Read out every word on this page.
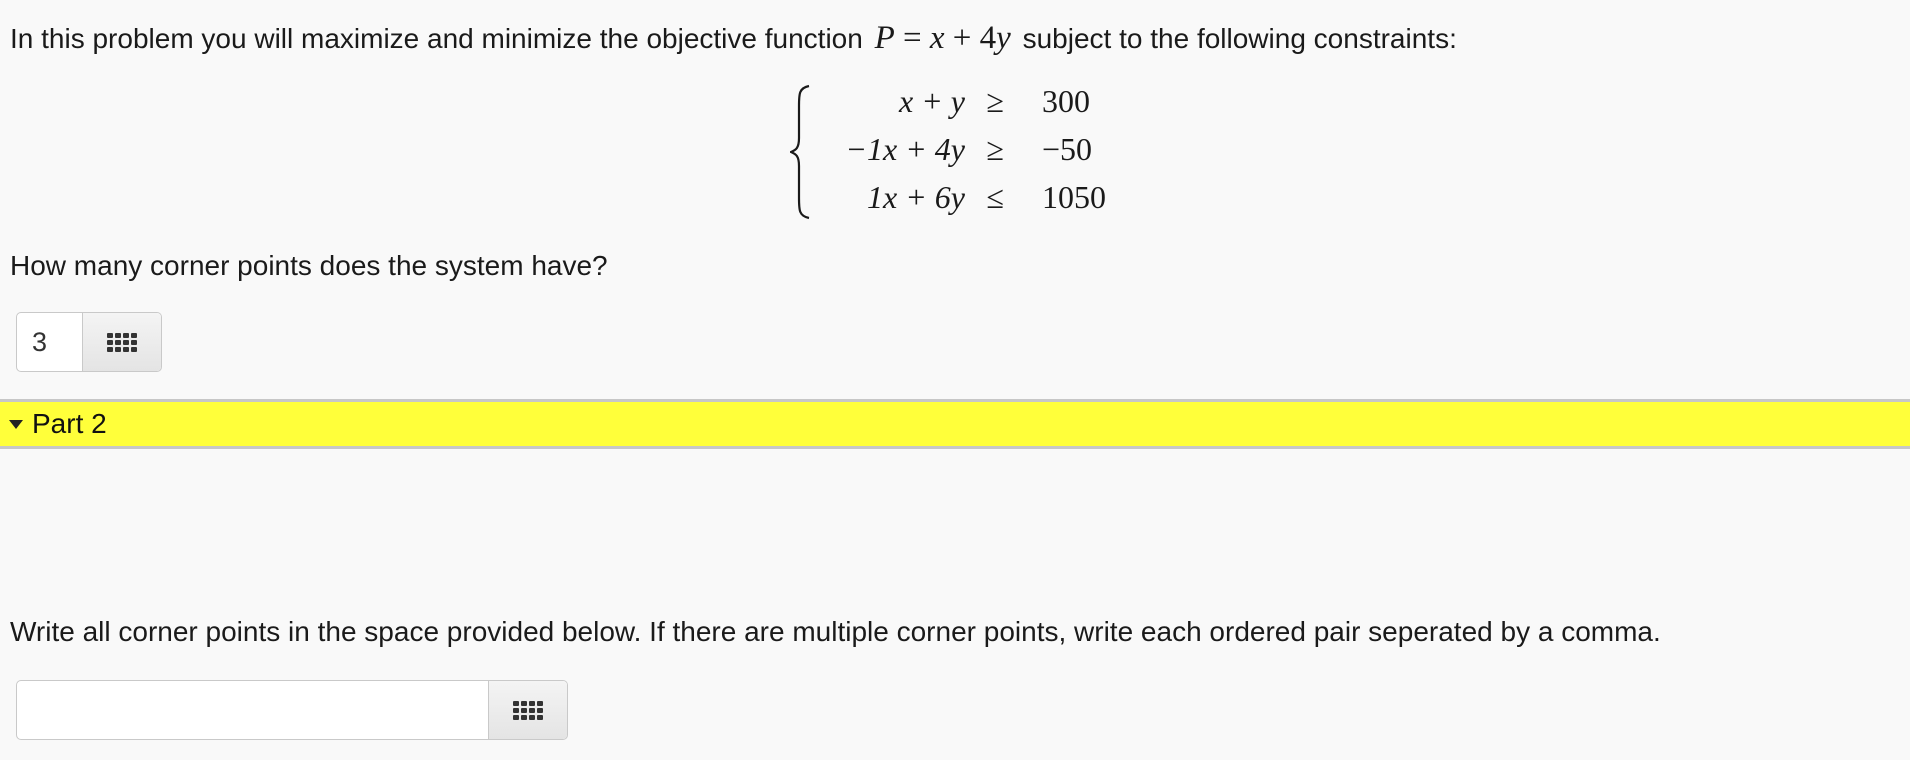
In this problem you will maximize and minimize the objective function P = x + 4y subject to the following constraints:
x + y ≥ 300
−1x + 4y ≥ −50
1x + 6y ≤ 1050
How many corner points does the system have?
3
Part 2
Write all corner points in the space provided below. If there are multiple corner points, write each ordered pair seperated by a comma.
